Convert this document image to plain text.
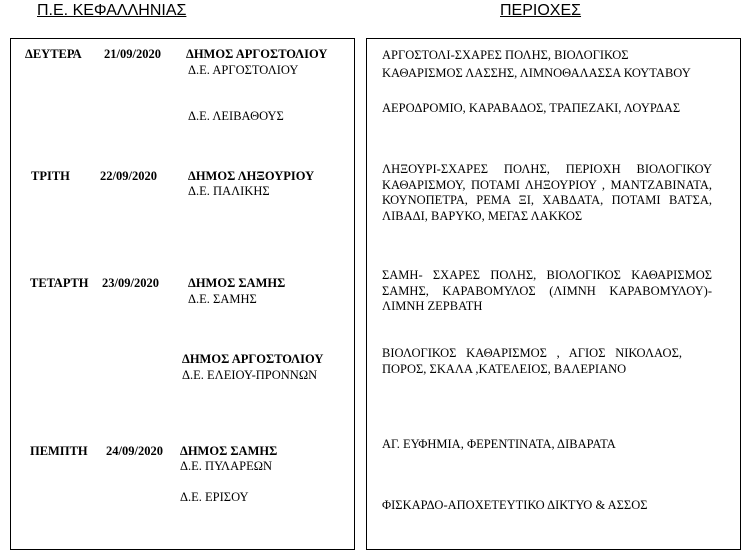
Π.Ε. ΚΕΦΑΛΛΗΝΙΑΣ	ΠΕΡΙΟΧΕΣ
ΔΕΥΤΕΡΑ 21/09/2020 ΔΗΜΟΣ ΑΡΓΟΣΤΟΛΙΟΥ
Δ.Ε. ΑΡΓΟΣΤΟΛΙΟΥ
Δ.Ε. ΛΕΙΒΑΘΟΥΣ
ΤΡΙΤΗ 22/09/2020 ΔΗΜΟΣ ΛΗΞΟΥΡΙΟΥ
Δ.Ε. ΠΑΛΙΚΗΣ
ΤΕΤΑΡΤΗ 23/09/2020 ΔΗΜΟΣ ΣΑΜΗΣ
Δ.Ε. ΣΑΜΗΣ
ΔΗΜΟΣ ΑΡΓΟΣΤΟΛΙΟΥ
Δ.Ε. ΕΛΕΙΟΥ-ΠΡΟΝΝΩΝ
ΠΕΜΠΤΗ 24/09/2020 ΔΗΜΟΣ ΣΑΜΗΣ
Δ.Ε. ΠΥΛΑΡΕΩΝ
Δ.Ε. ΕΡΙΣΟΥ
ΑΡΓΟΣΤΟΛΙ-ΣΧΑΡΕΣ ΠΟΛΗΣ, ΒΙΟΛΟΓΙΚΟΣ
ΚΑΘΑΡΙΣΜΟΣ ΛΑΣΣΗΣ, ΛΙΜΝΟΘΑΛΑΣΣΑ ΚΟΥΤΑΒΟΥ
ΑΕΡΟΔΡΟΜΙΟ, ΚΑΡΑΒΑΔΟΣ, ΤΡΑΠΕΖΑΚΙ, ΛΟΥΡΔΑΣ
ΛΗΞΟΥΡΙ-ΣΧΑΡΕΣ ΠΟΛΗΣ, ΠΕΡΙΟΧΗ ΒΙΟΛΟΓΙΚΟΥ ΚΑΘΑΡΙΣΜΟΥ, ΠΟΤΑΜΙ ΛΗΞΟΥΡΙΟΥ , ΜΑΝΤΖΑΒΙΝΑΤΑ, ΚΟΥΝΟΠΕΤΡΑ, ΡΕΜΑ ΞΙ, ΧΑΒΔΑΤΑ, ΠΟΤΑΜΙ ΒΑΤΣΑ, ΛΙΒΑΔΙ, ΒΑΡΥΚΟ, ΜΕΓΑΣ ΛΑΚΚΟΣ
ΣΑΜΗ- ΣΧΑΡΕΣ ΠΟΛΗΣ, ΒΙΟΛΟΓΙΚΟΣ ΚΑΘΑΡΙΣΜΟΣ ΣΑΜΗΣ, ΚΑΡΑΒΟΜΥΛΟΣ (ΛΙΜΝΗ ΚΑΡΑΒΟΜΥΛΟΥ)-ΛΙΜΝΗ ΖΕΡΒΑΤΗ
ΒΙΟΛΟΓΙΚΟΣ ΚΑΘΑΡΙΣΜΟΣ , ΑΓΙΟΣ ΝΙΚΟΛΑΟΣ, ΠΟΡΟΣ, ΣΚΑΛΑ ,ΚΑΤΕΛΕΙΟΣ, ΒΑΛΕΡΙΑΝΟ
ΑΓ. ΕΥΦΗΜΙΑ, ΦΕΡΕΝΤΙΝΑΤΑ, ΔΙΒΑΡΑΤΑ
ΦΙΣΚΑΡΔΟ-ΑΠΟΧΕΤΕΥΤΙΚΟ ΔΙΚΤΥΟ & ΑΣΣΟΣ
